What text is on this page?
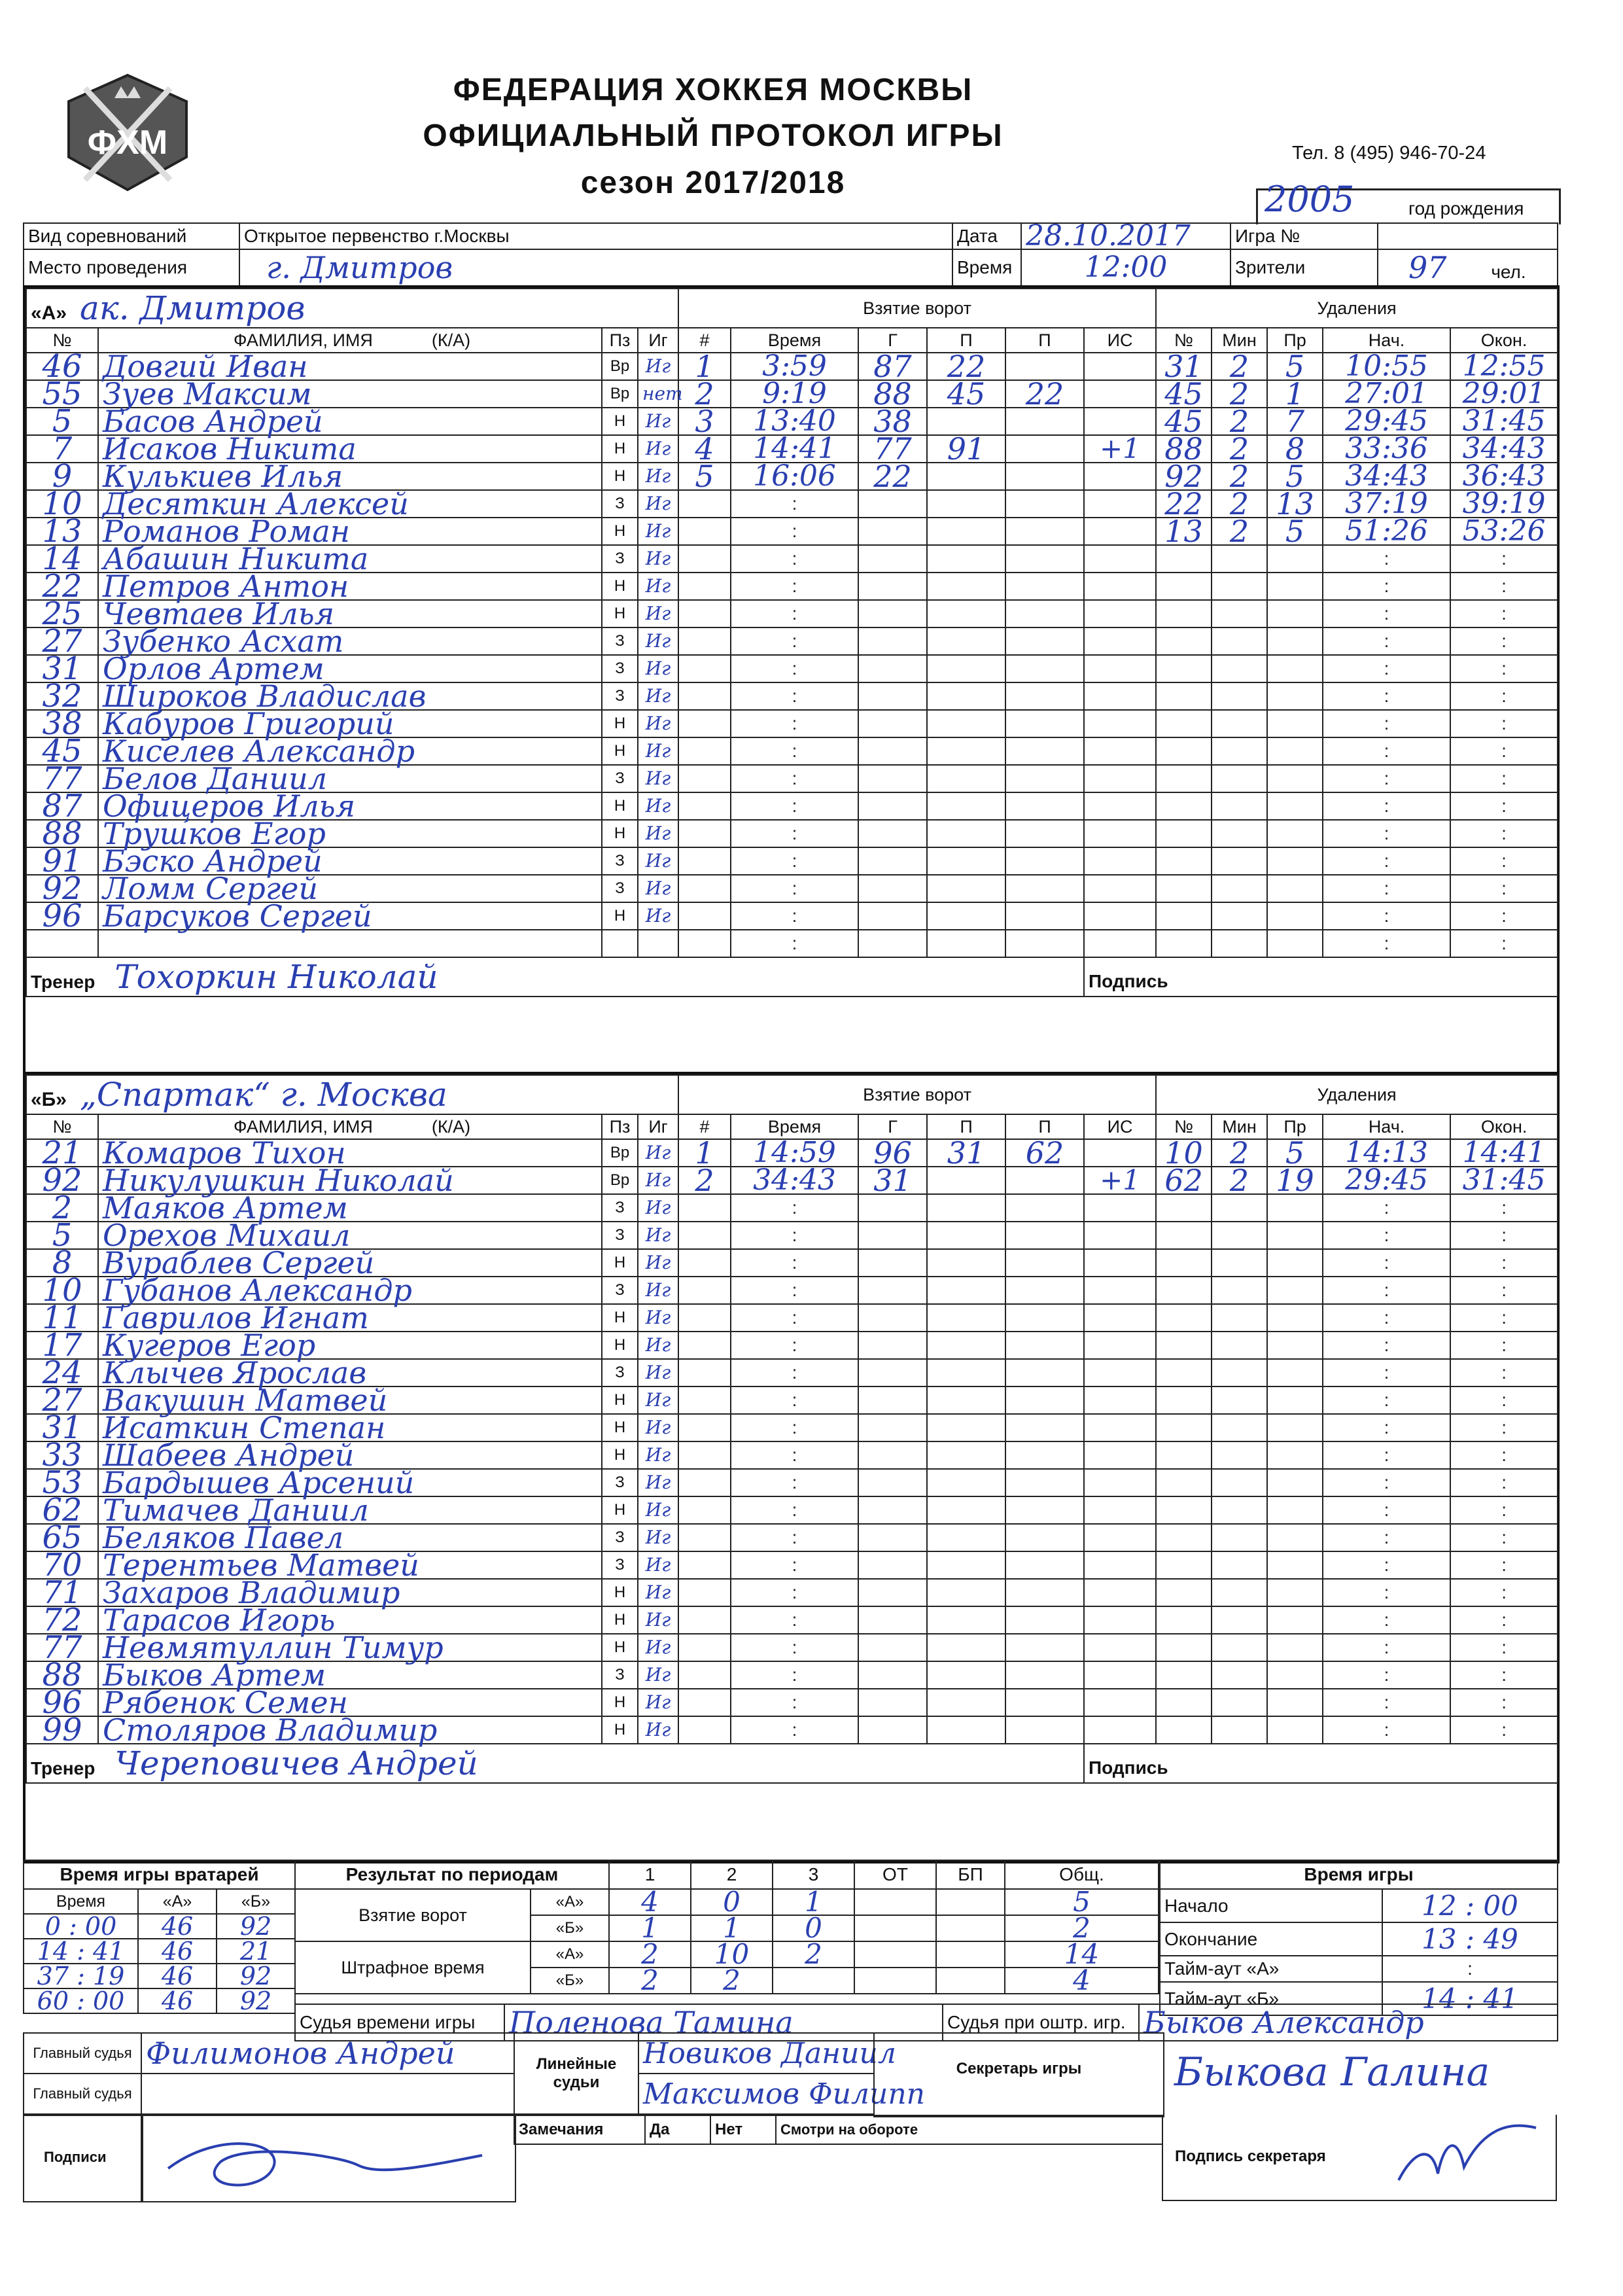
ФХМ
ФЕДЕРАЦИЯ ХОККЕЯ МОСКВЫ
ОФИЦИАЛЬНЫЙ ПРОТОКОЛ ИГРЫ
сезон 2017/2018
Тел. 8 (495) 946-70-24
2005	год рождения
Вид соревнований	Открытое первенство г.Москвы	Дата	28.10.2017	Игра №	
Место проведения	г. Дмитров	Время	12:00	Зрители	97 чел.
«А» ак. Дмитров				Взятие ворот						Удаления				
№	ФАМИЛИЯ, ИМЯ (К/А)	Пз	Иг	#	Время	Г	П	П	ИС	№	Мин	Пр	Нач.	Окон.
46	Довгий Иван	Вр	Иг	1	3:59	87	22			31	2	5	10:55	12:55
55	Зуев Максим	Вр	нет	2	9:19	88	45	22		45	2	1	27:01	29:01
5	Басов Андрей	Н	Иг	3	13:40	38				45	2	7	29:45	31:45
7	Исаков Никита	Н	Иг	4	14:41	77	91		+1	88	2	8	33:36	34:43
9	Кулькиев Илья	Н	Иг	5	16:06	22				92	2	5	34:43	36:43
10	Десяткин Алексей	З	Иг		:					22	2	13	37:19	39:19
13	Романов Роман	Н	Иг		:					13	2	5	51:26	53:26
14	Абашин Никита	З	Иг		:								:	:
22	Петров Антон	Н	Иг		:								:	:
25	Чевтаев Илья	Н	Иг		:								:	:
27	Зубенко Асхат	З	Иг		:								:	:
31	Орлов Артем	З	Иг		:								:	:
32	Широков Владислав	З	Иг		:								:	:
38	Кабуров Григорий	Н	Иг		:								:	:
45	Киселев Александр	Н	Иг		:								:	:
77	Белов Даниил	З	Иг		:								:	:
87	Офицеров Илья	Н	Иг		:								:	:
88	Трушков Егор	Н	Иг		:								:	:
91	Бэско Андрей	З	Иг		:								:	:
92	Ломм Сергей	З	Иг		:								:	:
96	Барсуков Сергей	Н	Иг		:								:	:
					:								:	:
Тренер Тохоркин Николай									Подпись					
«Б» „Спартак“ г. Москва				Взятие ворот						Удаления				
№	ФАМИЛИЯ, ИМЯ (К/А)	Пз	Иг	#	Время	Г	П	П	ИС	№	Мин	Пр	Нач.	Окон.
21	Комаров Тихон	Вр	Иг	1	14:59	96	31	62		10	2	5	14:13	14:41
92	Никулушкин Николай	Вр	Иг	2	34:43	31			+1	62	2	19	29:45	31:45
2	Маяков Артем	З	Иг		:								:	:
5	Орехов Михаил	З	Иг		:								:	:
8	Вураблев Сергей	Н	Иг		:								:	:
10	Губанов Александр	З	Иг		:								:	:
11	Гаврилов Игнат	Н	Иг		:								:	:
17	Кугеров Егор	Н	Иг		:								:	:
24	Клычев Ярослав	З	Иг		:								:	:
27	Вакушин Матвей	Н	Иг		:								:	:
31	Исаткин Степан	Н	Иг		:								:	:
33	Шабеев Андрей	Н	Иг		:								:	:
53	Бардышев Арсений	З	Иг		:								:	:
62	Тимачев Даниил	Н	Иг		:								:	:
65	Беляков Павел	З	Иг		:								:	:
70	Терентьев Матвей	З	Иг		:								:	:
71	Захаров Владимир	Н	Иг		:								:	:
72	Тарасов Игорь	Н	Иг		:								:	:
77	Невмятуллин Тимур	Н	Иг		:								:	:
88	Быков Артем	З	Иг		:								:	:
96	Рябенок Семен	Н	Иг		:								:	:
99	Столяров Владимир	Н	Иг		:								:	:
Тренер Череповичев Андрей									Подпись					
Время игры вратарей		
Время	«А»	«Б»
0 : 00	46	92
14 : 41	46	21
37 : 19	46	92
60 : 00	46	92
Результат по периодам		1	2	3	ОТ	БП	Общ.
Взятие ворот	«А»	4	0	1			5
	«Б»	1	1	0			2
Штрафное время	«А»	2	10	2			14
	«Б»	2	2				4
Время игры	
Начало	12 : 00
Окончание	13 : 49
Тайм-аут «А»	:
Тайм-аут «Б»	14 : 41
Судья времени игры	Поленова Тамина	Судья при оштр. игр.	Быков Александр
Главный судья	Филимонов Андрей	Линейные судьи	Новиков Даниил
Главный судья			Максимов Филипп
Секретарь игры	Быкова Галина
Подписи
Замечания	Да	Нет	Смотри на обороте
Подпись секретаря
